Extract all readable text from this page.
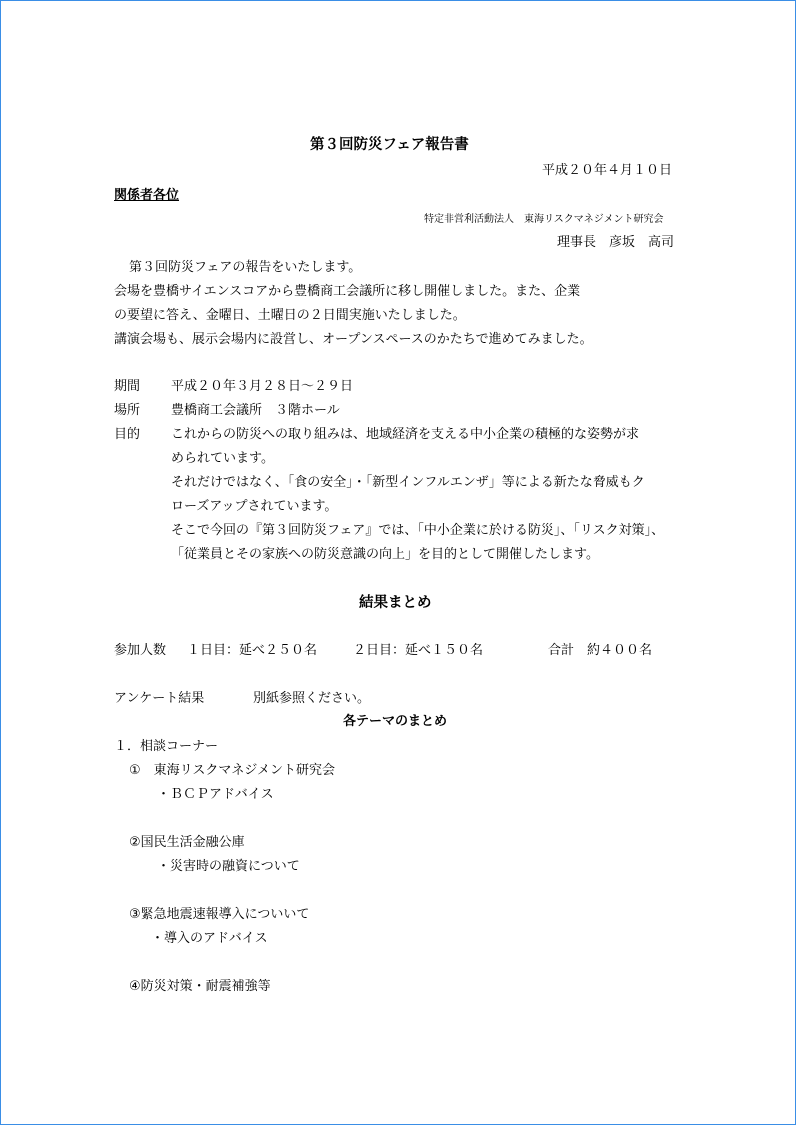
第３回防災フェア報告書
平成２０年４月１０日
関係者各位
特定非営利活動法人　東海リスクマネジメント研究会
理事長　彦坂　高司
第３回防災フェアの報告をいたします。
会場を豊橋サイエンスコアから豊橋商工会議所に移し開催しました。また、企業
の要望に答え、金曜日、土曜日の２日間実施いたしました。
講演会場も、展示会場内に設営し、オープンスペースのかたちで進めてみました。
期間 平成２０年３月２８日～２９日
場所 豊橋商工会議所　３階ホール
目的 これからの防災への取り組みは、地域経済を支える中小企業の積極的な姿勢が求
められています。
それだけではなく、「食の安全」・「新型インフルエンザ」等による新たな脅威もク
ローズアップされています。
そこで今回の『第３回防災フェア』では、「中小企業に於ける防災」、「リスク対策」、
「従業員とその家族への防災意識の向上」を目的として開催したします。
結果まとめ
参加人数 １日目：延べ２５０名	２日目：延べ１５０名	合計　約４００名
アンケート結果	別紙参照ください。
各テーマのまとめ
１．相談コーナー
①　東海リスクマネジメント研究会
・ＢＣＰアドバイス
②国民生活金融公庫
・災害時の融資について
③緊急地震速報導入についいて
・導入のアドバイス
④防災対策・耐震補強等
